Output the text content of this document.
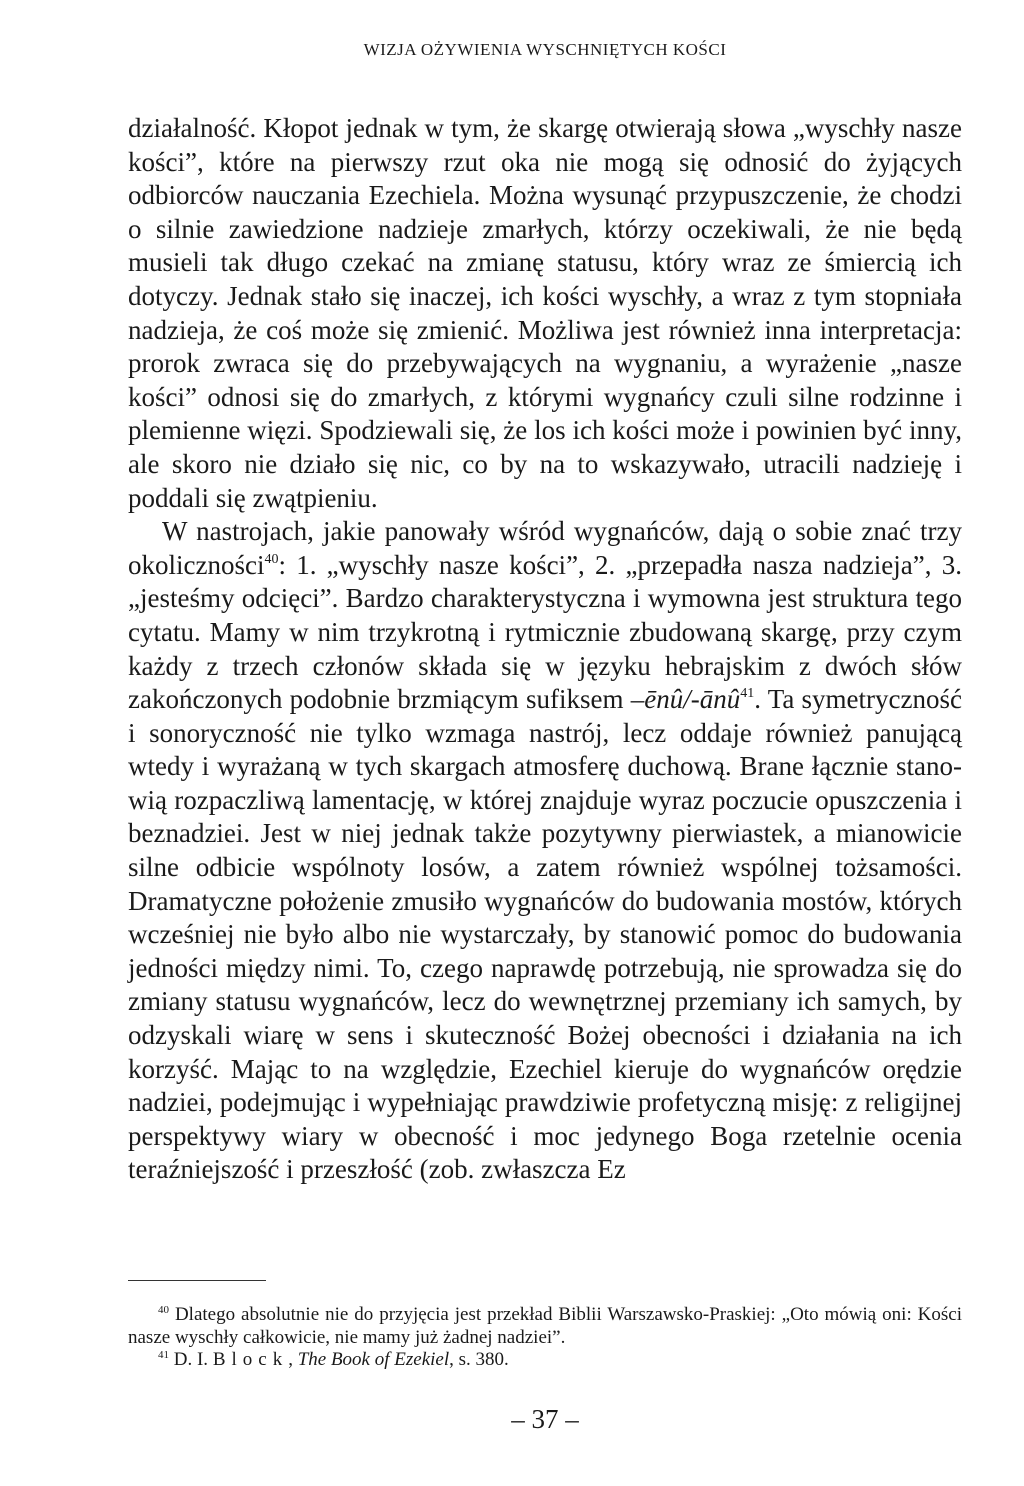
WIZJA OŻYWIENIA WYSCHNIĘTYCH KOŚCI

działalność. Kłopot jednak w tym, że skargę otwierają słowa „wyschły nasze kości”, które na pierwszy rzut oka nie mogą się odnosić do żyjących odbiorców nauczania Ezechiela. Można wysunąć przypuszczenie, że chodzi o silnie zawiedzione nadzieje zmarłych, którzy oczekiwali, że nie będą musieli tak długo czekać na zmianę statusu, który wraz ze śmiercią ich dotyczy. Jednak stało się inaczej, ich kości wyschły, a wraz z tym stopniała nadzieja, że coś może się zmienić. Możliwa jest również inna interpretacja: prorok zwraca się do przebywających na wygnaniu, a wyrażenie „nasze kości” odnosi się do zmarłych, z którymi wygnańcy czuli silne rodzinne i plemienne więzi. Spodziewali się, że los ich kości może i powinien być inny, ale skoro nie działo się nic, co by na to wskazywało, utracili nadzieję i poddali się zwątpieniu.

W nastrojach, jakie panowały wśród wygnańców, dają o sobie znać trzy okoliczności$^{40}$: 1. „wyschły nasze kości”, 2. „przepadła nasza nadzieja”, 3. „jesteśmy odcięci”. Bardzo charakterystyczna i wymowna jest struktura tego cytatu. Mamy w nim trzykrotną i rytmicznie zbudowaną skargę, przy czym każdy z trzech członów składa się w języku hebrajskim z dwóch słów zakończonych podobnie brzmiącym sufiksem –ēnû/-ānû$^{41}$. Ta symetryczność i sonoryczność nie tylko wzmaga nastrój, lecz oddaje również panującą wtedy i wyrażaną w tych skargach atmosferę duchową. Brane łącznie stanowią rozpaczliwą lamentację, w której znajduje wyraz poczucie opuszczenia i beznadziei. Jest w niej jednak także pozytywny pierwiastek, a mianowicie silne odbicie wspólnoty losów, a zatem również wspólnej tożsamości. Dramatyczne położenie zmusiło wygnańców do budowania mostów, których wcześniej nie było albo nie wystarczały, by stanowić pomoc do budowania jedności między nimi. To, czego naprawdę potrzebują, nie sprowadza się do zmiany statusu wygnańców, lecz do wewnętrznej przemiany ich samych, by odzyskali wiarę w sens i skuteczność Bożej obecności i działania na ich korzyść. Mając to na względzie, Ezechiel kieruje do wygnańców orędzie nadziei, podejmując i wypełniając prawdziwie profetyczną misję: z religijnej perspektywy wiary w obecność i moc jedynego Boga rzetelnie ocenia teraźniejszość i przeszłość (zob. zwłaszcza Ez

$^{40}$ Dlatego absolutnie nie do przyjęcia jest przekład Biblii Warszawsko-Praskiej: „Oto mówią oni: Kości nasze wyschły całkowicie, nie mamy już żadnej nadziei”.

$^{41}$ D. I. Block, The Book of Ezekiel, s. 380.

– 37 –
